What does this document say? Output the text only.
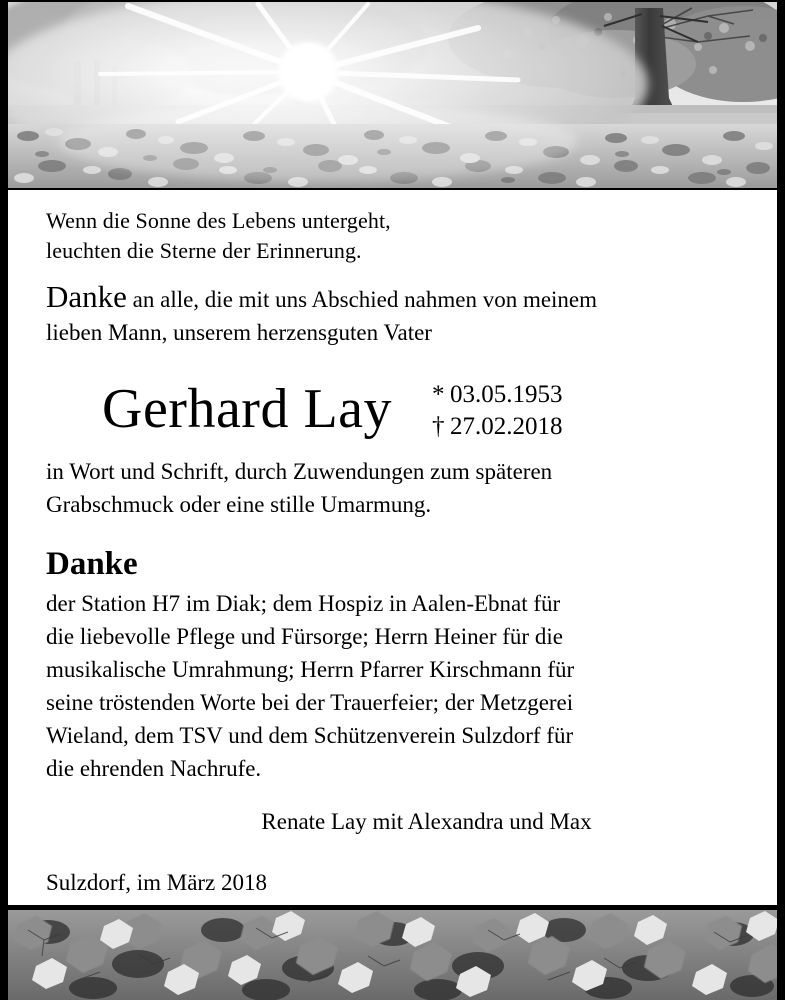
Wenn die Sonne des Lebens untergeht,
leuchten die Sterne der Erinnerung.

Danke an alle, die mit uns Abschied nahmen von meinem
lieben Mann, unserem herzensguten Vater

Gerhard Lay * 03.05.1953
† 27.02.2018

in Wort und Schrift, durch Zuwendungen zum späteren
Grabschmuck oder eine stille Umarmung.

Danke

der Station H7 im Diak; dem Hospiz in Aalen-Ebnat für
die liebevolle Pflege und Fürsorge; Herrn Heiner für die
musikalische Umrahmung; Herrn Pfarrer Kirschmann für
seine tröstenden Worte bei der Trauerfeier; der Metzgerei
Wieland, dem TSV und dem Schützenverein Sulzdorf für
die ehrenden Nachrufe.

Renate Lay mit Alexandra und Max

Sulzdorf, im März 2018
